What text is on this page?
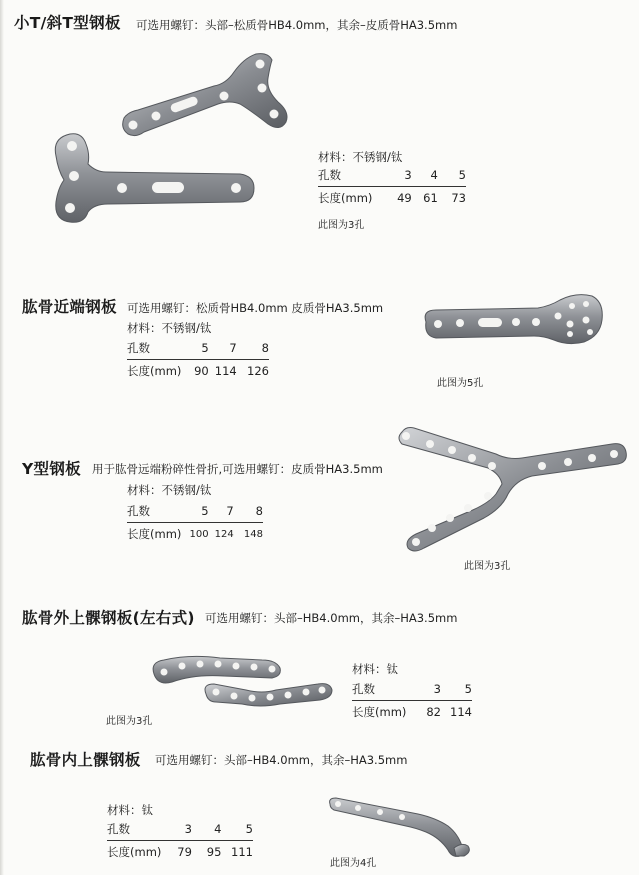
小T/斜T型钢板 可选用螺钉：头部–松质骨HB4.0mm，其余–皮质骨HA3.5mm
材料：不锈钢/钛
孔数	3	4	5
长度(mm)	49	61	73
此图为3孔
肱骨近端钢板 可选用螺钉：松质骨HB4.0mm 皮质骨HA3.5mm
材料：不锈钢/钛
孔数	5	7	8
长度(mm)	90	114	126
此图为5孔
Y型钢板 用于肱骨远端粉碎性骨折,可选用螺钉：皮质骨HA3.5mm
材料：不锈钢/钛
孔数	5	7	8
长度(mm)	100	124	148
此图为3孔
肱骨外上髁钢板(左右式) 可选用螺钉：头部–HB4.0mm，其余–HA3.5mm
此图为3孔
材料：钛
孔数	3	5
长度(mm)	82	114
肱骨内上髁钢板 可选用螺钉：头部–HB4.0mm，其余–HA3.5mm
材料：钛
孔数	3	4	5
长度(mm)	79	95	111
此图为4孔
